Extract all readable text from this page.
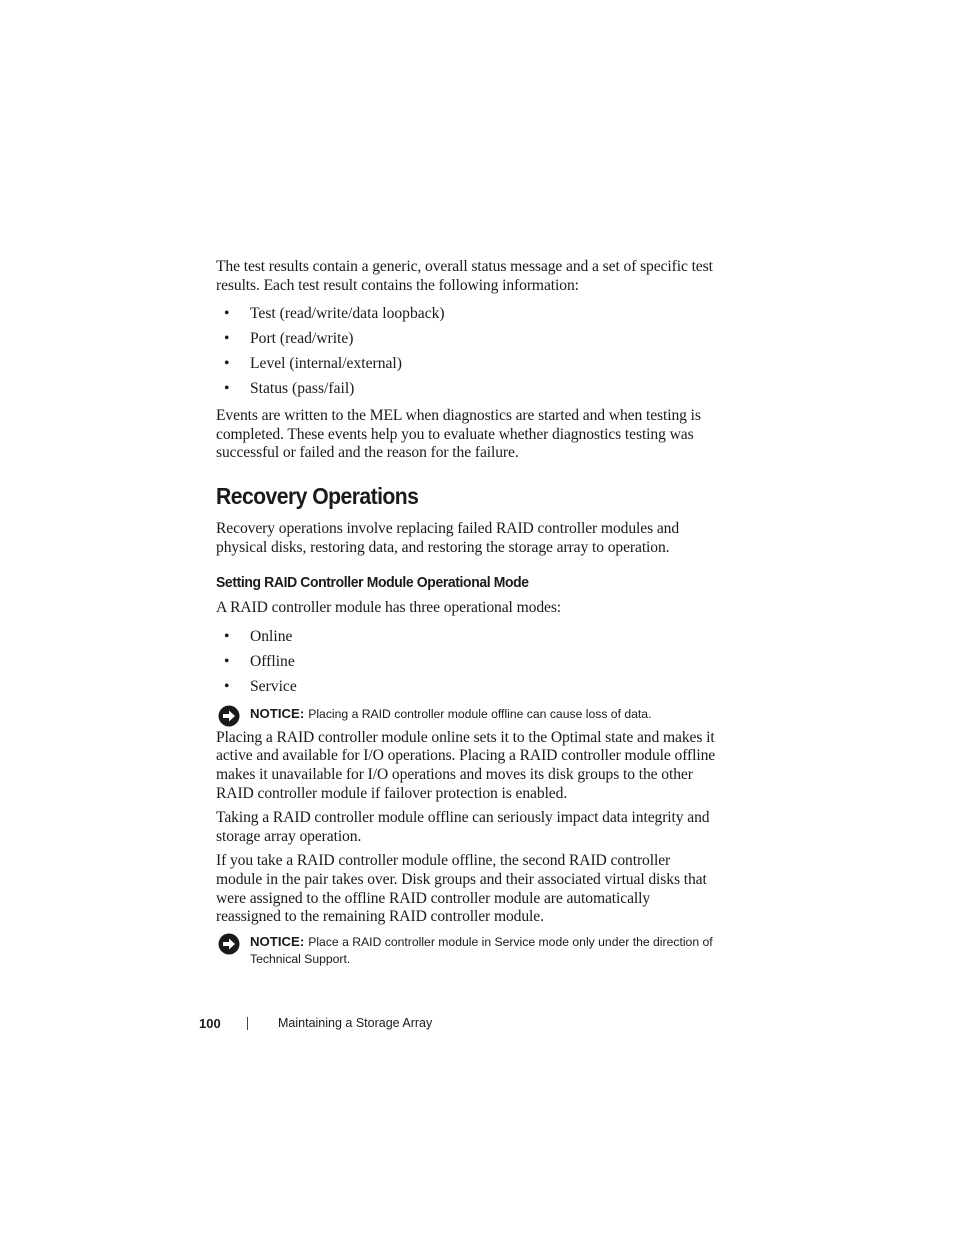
The test results contain a generic, overall status message and a set of specific test results. Each test result contains the following information:

• Test (read/write/data loopback)
• Port (read/write)
• Level (internal/external)
• Status (pass/fail)

Events are written to the MEL when diagnostics are started and when testing is completed. These events help you to evaluate whether diagnostics testing was successful or failed and the reason for the failure.

Recovery Operations

Recovery operations involve replacing failed RAID controller modules and physical disks, restoring data, and restoring the storage array to operation.

Setting RAID Controller Module Operational Mode

A RAID controller module has three operational modes:

• Online
• Offline
• Service
NOTICE: Placing a RAID controller module offline can cause loss of data.

Placing a RAID controller module online sets it to the Optimal state and makes it active and available for I/O operations. Placing a RAID controller module offline makes it unavailable for I/O operations and moves its disk groups to the other RAID controller module if failover protection is enabled.

Taking a RAID controller module offline can seriously impact data integrity and storage array operation.

If you take a RAID controller module offline, the second RAID controller module in the pair takes over. Disk groups and their associated virtual disks that were assigned to the offline RAID controller module are automatically reassigned to the remaining RAID controller module.

NOTICE: Place a RAID controller module in Service mode only under the direction of Technical Support.
100	Maintaining a Storage Array
